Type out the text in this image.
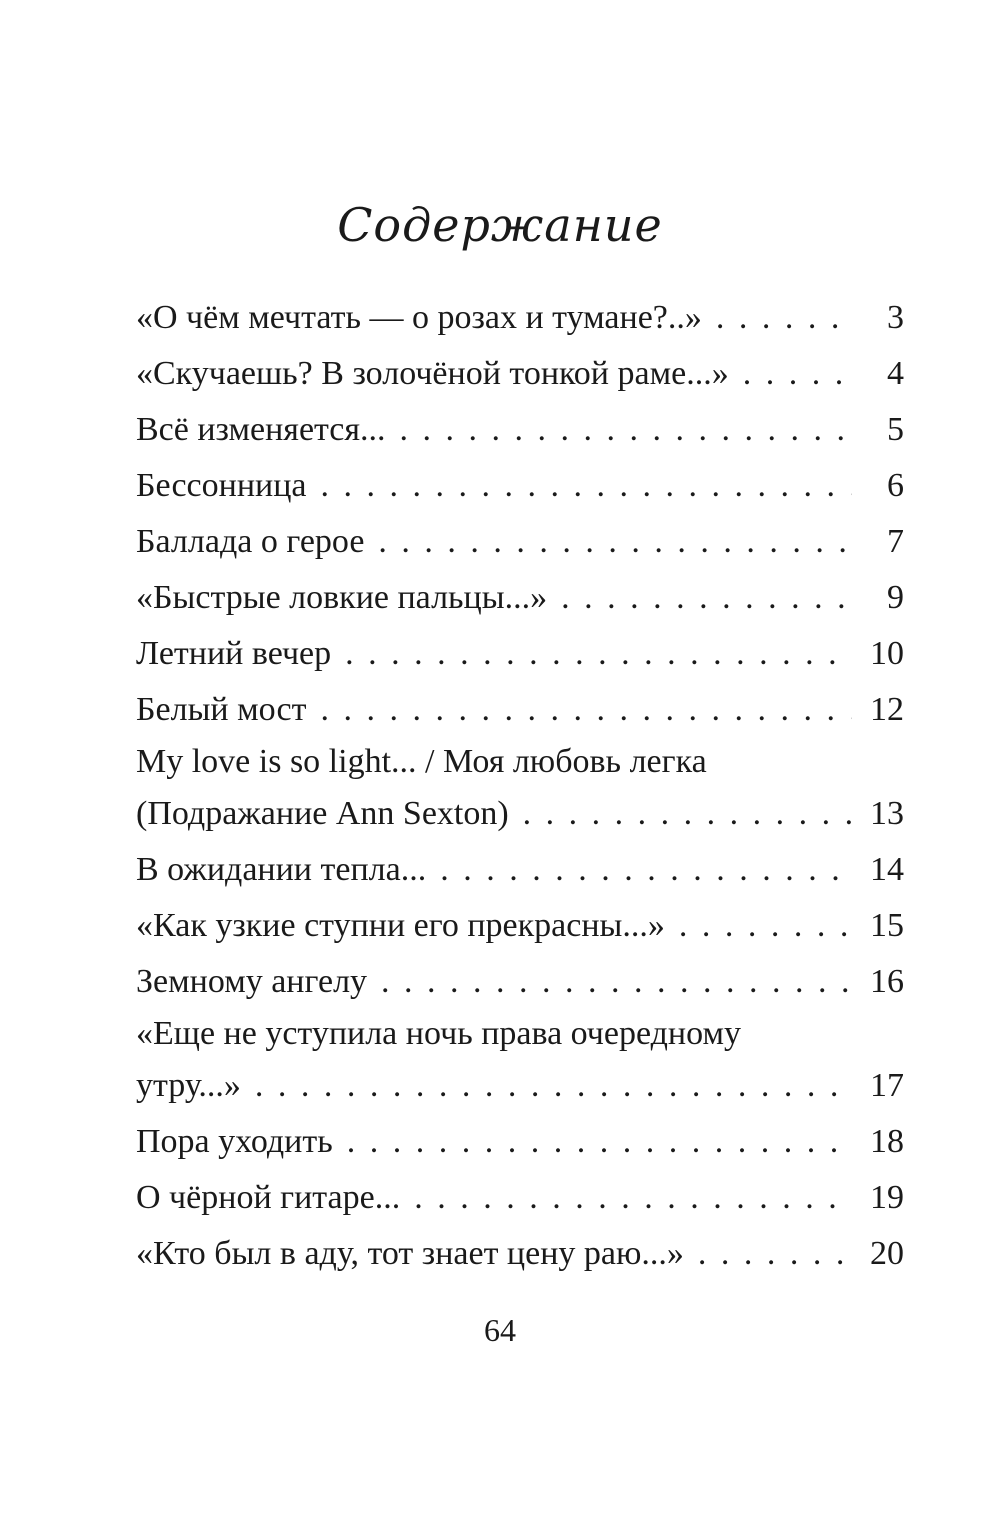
Содержание
«О чём мечтать — о розах и тумане?..» . . .	3
«Скучаешь? В золочёной тонкой раме...» . . .	4
Всё изменяется... . . .	5
Бессонница . . .	6
Баллада о герое . . .	7
«Быстрые ловкие пальцы...» . . .	9
Летний вечер . . .	10
Белый мост . . .	12
My love is so light... / Моя любовь легка
(Подражание Ann Sexton) . . .	13
В ожидании тепла... . . .	14
«Как узкие ступни его прекрасны...» . . .	15
Земному ангелу . . .	16
«Еще не уступила ночь права очередному
утру...» . . .	17
Пора уходить . . .	18
О чёрной гитаре... . . .	19
«Кто был в аду, тот знает цену раю...» . . .	20
64
